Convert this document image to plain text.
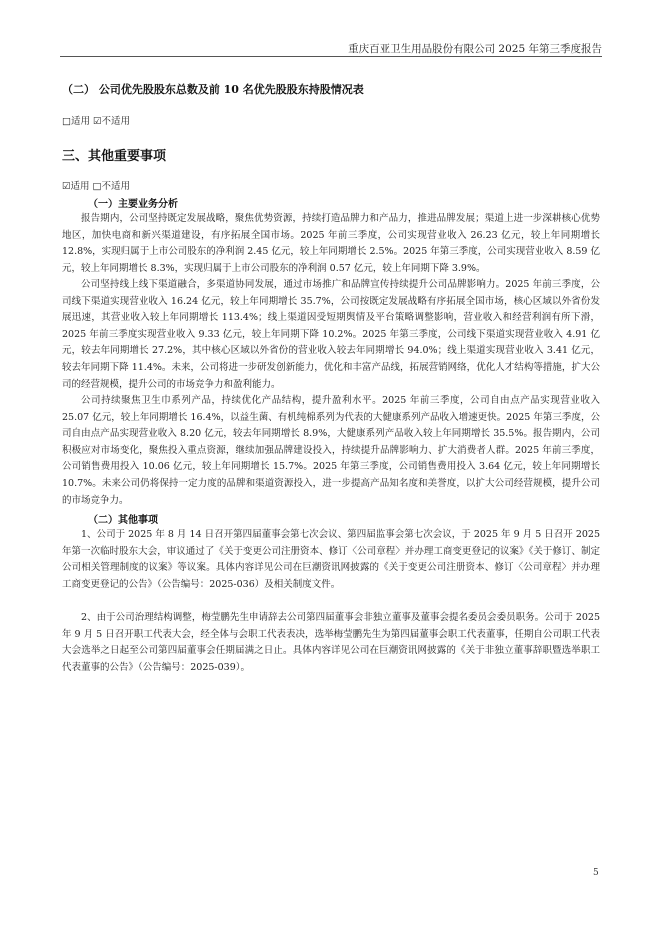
重庆百亚卫生用品股份有限公司 2025 年第三季度报告
（二） 公司优先股股东总数及前 10 名优先股股东持股情况表
□适用 ☑不适用
三、其他重要事项
☑适用 □不适用
（一）主要业务分析

报告期内，公司坚持既定发展战略，聚焦优势资源，持续打造品牌力和产品力，推进品牌发展；渠道上进一步深耕核心优势地区，加快电商和新兴渠道建设，有序拓展全国市场。2025 年前三季度，公司实现营业收入 26.23 亿元，较上年同期增长 12.8%，实现归属于上市公司股东的净利润 2.45 亿元，较上年同期增长 2.5%。2025 年第三季度，公司实现营业收入 8.59 亿元，较上年同期增长 8.3%，实现归属于上市公司股东的净利润 0.57 亿元，较上年同期下降 3.9%。

公司坚持线上线下渠道融合，多渠道协同发展，通过市场推广和品牌宣传持续提升公司品牌影响力。2025 年前三季度，公司线下渠道实现营业收入 16.24 亿元，较上年同期增长 35.7%，公司按既定发展战略有序拓展全国市场，核心区域以外省份发展迅速，其营业收入较上年同期增长 113.4%；线上渠道因受短期舆情及平台策略调整影响，营业收入和经营利润有所下滑，2025 年前三季度实现营业收入 9.33 亿元，较上年同期下降 10.2%。2025 年第三季度，公司线下渠道实现营业收入 4.91 亿元，较去年同期增长 27.2%，其中核心区域以外省份的营业收入较去年同期增长 94.0%；线上渠道实现营业收入 3.41 亿元，较去年同期下降 11.4%。未来，公司将进一步研发创新能力，优化和丰富产品线，拓展营销网络，优化人才结构等措施，扩大公司的经营规模，提升公司的市场竞争力和盈利能力。

公司持续聚焦卫生巾系列产品，持续优化产品结构，提升盈利水平。2025 年前三季度，公司自由点产品实现营业收入 25.07 亿元，较上年同期增长 16.4%，以益生菌、有机纯棉系列为代表的大健康系列产品收入增速更快。2025 年第三季度，公司自由点产品实现营业收入 8.20 亿元，较去年同期增长 8.9%，大健康系列产品收入较上年同期增长 35.5%。报告期内，公司积极应对市场变化，聚焦投入重点资源，继续加强品牌建设投入，持续提升品牌影响力、扩大消费者人群。2025 年前三季度，公司销售费用投入 10.06 亿元，较上年同期增长 15.7%。2025 年第三季度，公司销售费用投入 3.64 亿元，较上年同期增长 10.7%。未来公司仍将保持一定力度的品牌和渠道资源投入，进一步提高产品知名度和美誉度，以扩大公司经营规模，提升公司的市场竞争力。

（二）其他事项

1、公司于 2025 年 8 月 14 日召开第四届董事会第七次会议、第四届监事会第七次会议，于 2025 年 9 月 5 日召开 2025 年第一次临时股东大会，审议通过了《关于变更公司注册资本、修订〈公司章程〉并办理工商变更登记的议案》《关于修订、制定公司相关管理制度的议案》等议案。具体内容详见公司在巨潮资讯网披露的《关于变更公司注册资本、修订〈公司章程〉并办理工商变更登记的公告》（公告编号：2025-036）及相关制度文件。

2、由于公司治理结构调整，梅莹鹏先生申请辞去公司第四届董事会非独立董事及董事会提名委员会委员职务。公司于 2025 年 9 月 5 日召开职工代表大会，经全体与会职工代表表决，选举梅莹鹏先生为第四届董事会职工代表董事，任期自公司职工代表大会选举之日起至公司第四届董事会任期届满之日止。具体内容详见公司在巨潮资讯网披露的《关于非独立董事辞职暨选举职工代表董事的公告》（公告编号：2025-039）。

5
